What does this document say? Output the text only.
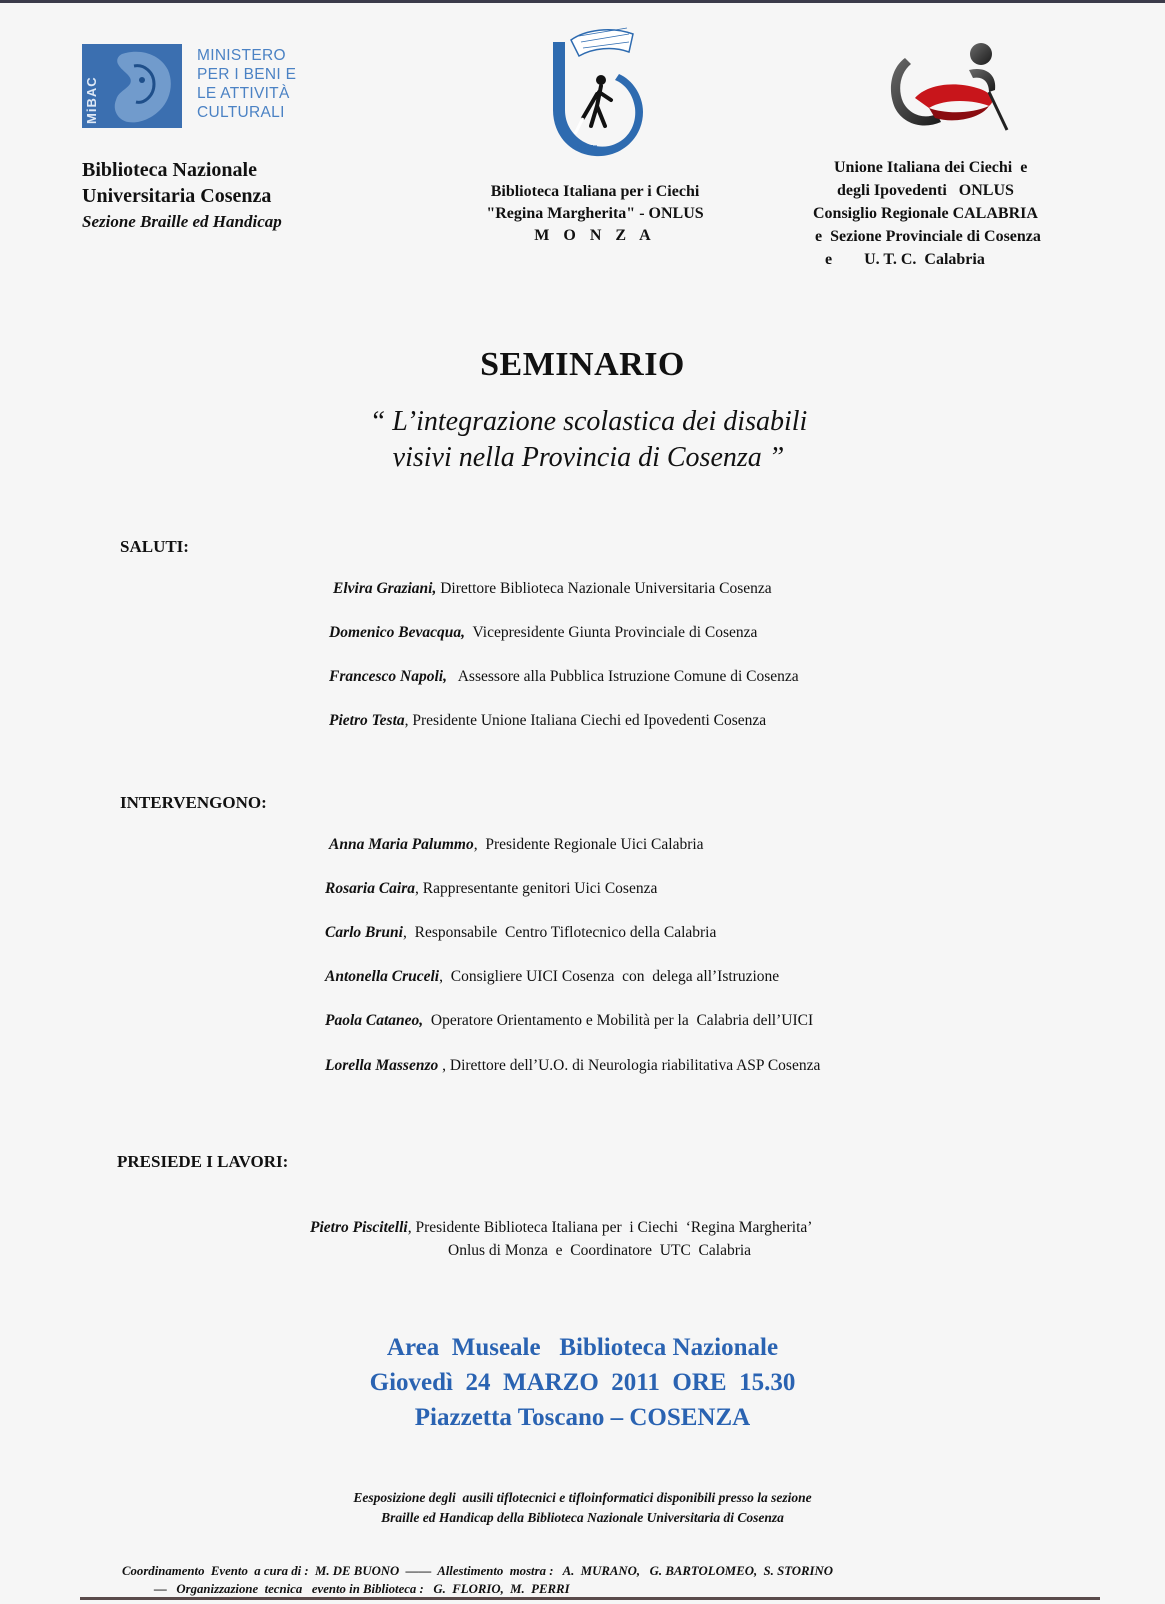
MiBAC
MINISTERO
PER I BENI E
LE ATTIVITÀ
CULTURALI
Biblioteca Nazionale
Universitaria Cosenza
Sezione Braille ed Handicap
Monza
Biblioteca Italiana per i Ciechi
"Regina Margherita" - ONLUS
M O N Z A
Unione Italiana dei Ciechi  e
degli Ipovedenti   ONLUS
Consiglio Regionale CALABRIA
e  Sezione Provinciale di Cosenza
e        U. T. C.  Calabria
SEMINARIO
“ L’integrazione scolastica dei disabili
visivi nella Provincia di Cosenza ”
SALUTI:
Elvira Graziani, Direttore Biblioteca Nazionale Universitaria Cosenza
Domenico Bevacqua,  Vicepresidente Giunta Provinciale di Cosenza
Francesco Napoli,   Assessore alla Pubblica Istruzione Comune di Cosenza
Pietro Testa, Presidente Unione Italiana Ciechi ed Ipovedenti Cosenza
INTERVENGONO:
Anna Maria Palummo,  Presidente Regionale Uici Calabria
Rosaria Caira, Rappresentante genitori Uici Cosenza
Carlo Bruni,  Responsabile  Centro Tiflotecnico della Calabria
Antonella Cruceli,  Consigliere UICI Cosenza  con  delega all’Istruzione
Paola Cataneo,  Operatore Orientamento e Mobilità per la  Calabria dell’UICI
Lorella Massenzo , Direttore dell’U.O. di Neurologia riabilitativa ASP Cosenza
PRESIEDE I LAVORI:
Pietro Piscitelli, Presidente Biblioteca Italiana per  i Ciechi  ‘Regina Margherita’
Onlus di Monza  e  Coordinatore  UTC  Calabria
Area  Museale   Biblioteca Nazionale
Giovedì  24  MARZO  2011  ORE  15.30
Piazzetta Toscano – COSENZA
Eesposizione degli  ausili tiflotecnici e tifloinformatici disponibili presso la sezione
Braille ed Handicap della Biblioteca Nazionale Universitaria di Cosenza
Coordinamento  Evento  a cura di :  M. DE BUONO  ——  Allestimento  mostra :   A.  MURANO,   G. BARTOLOMEO,  S. STORINO
—   Organizzazione  tecnica   evento in Biblioteca :   G.  FLORIO,  M.  PERRI
